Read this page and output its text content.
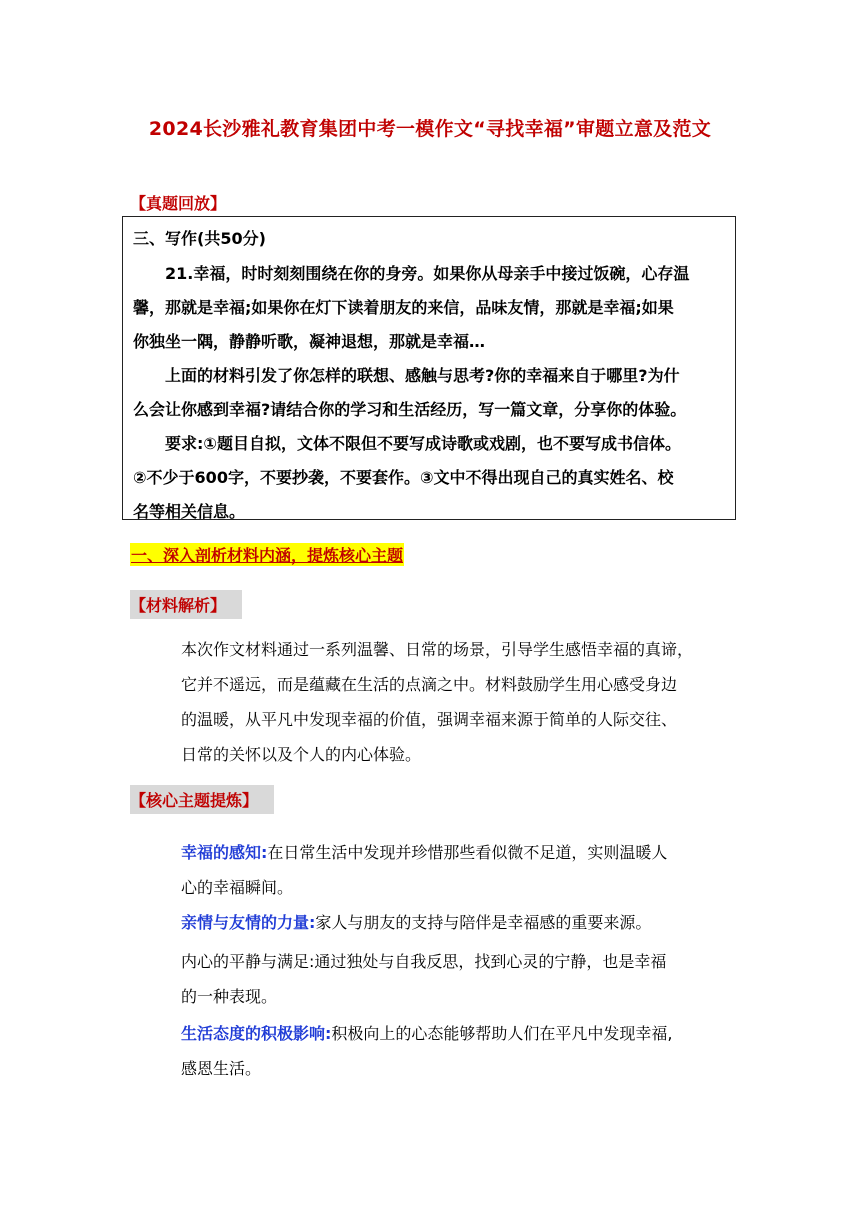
2024长沙雅礼教育集团中考一模作文“寻找幸福”审题立意及范文
【真题回放】
三、写作(共50分)
21.幸福，时时刻刻围绕在你的身旁。如果你从母亲手中接过饭碗，心存温
馨，那就是幸福;如果你在灯下读着朋友的来信，品味友情，那就是幸福;如果
你独坐一隅，静静听歌，凝神退想，那就是幸福…
上面的材料引发了你怎样的联想、感触与思考?你的幸福来自于哪里?为什
么会让你感到幸福?请结合你的学习和生活经历，写一篇文章，分享你的体验。
要求:①题目自拟，文体不限但不要写成诗歌或戏剧，也不要写成书信体。
②不少于600字，不要抄袭，不要套作。③文中不得出现自己的真实姓名、校
名等相关信息。
一、深入剖析材料内涵，提炼核心主题
【材料解析】
本次作文材料通过一系列温馨、日常的场景，引导学生感悟幸福的真谛，
它并不遥远，而是蕴藏在生活的点滴之中。材料鼓励学生用心感受身边
的温暖，从平凡中发现幸福的价值，强调幸福来源于简单的人际交往、
日常的关怀以及个人的内心体验。
【核心主题提炼】
幸福的感知:在日常生活中发现并珍惜那些看似微不足道，实则温暖人
心的幸福瞬间。
亲情与友情的力量:家人与朋友的支持与陪伴是幸福感的重要来源。
内心的平静与满足:通过独处与自我反思，找到心灵的宁静，也是幸福
的一种表现。
生活态度的积极影响:积极向上的心态能够帮助人们在平凡中发现幸福,
感恩生活。
